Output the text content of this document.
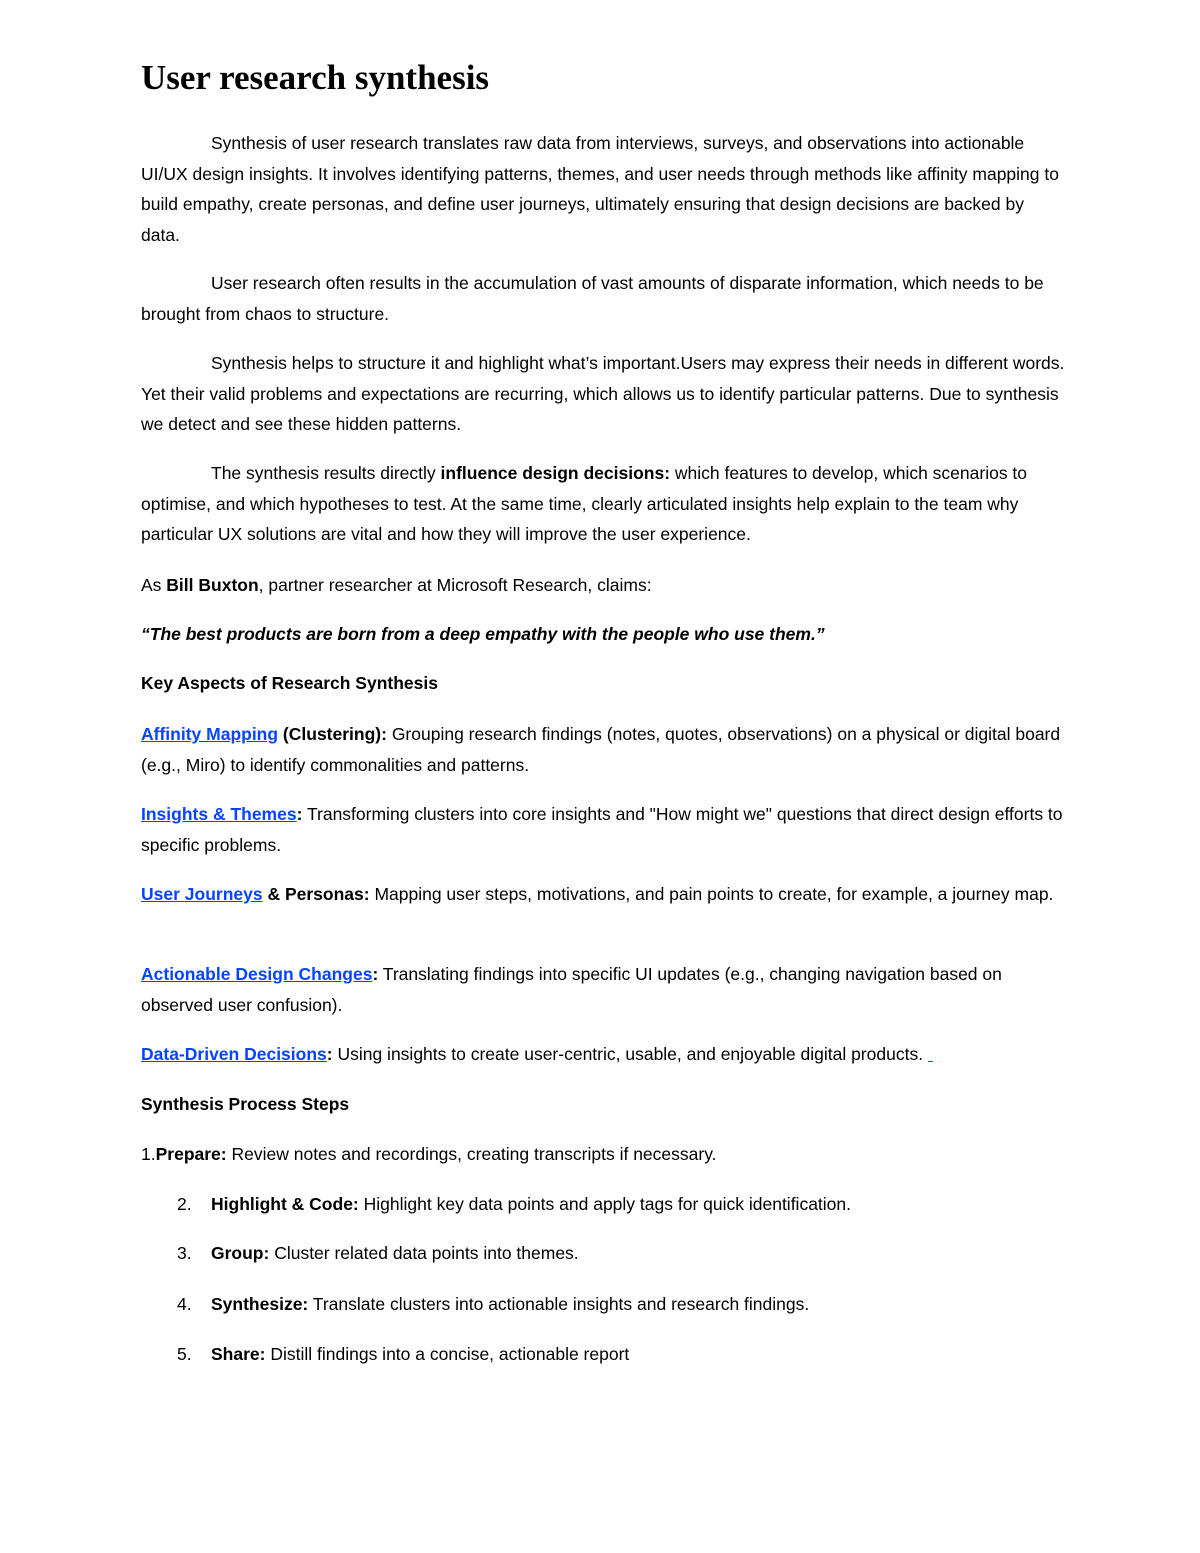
User research synthesis

Synthesis of user research translates raw data from interviews, surveys, and observations into actionable UI/UX design insights. It involves identifying patterns, themes, and user needs through methods like affinity mapping to build empathy, create personas, and define user journeys, ultimately ensuring that design decisions are backed by data.

User research often results in the accumulation of vast amounts of disparate information, which needs to be brought from chaos to structure.

Synthesis helps to structure it and highlight what’s important.Users may express their needs in different words. Yet their valid problems and expectations are recurring, which allows us to identify particular patterns. Due to synthesis we detect and see these hidden patterns.

The synthesis results directly influence design decisions: which features to develop, which scenarios to optimise, and which hypotheses to test. At the same time, clearly articulated insights help explain to the team why particular UX solutions are vital and how they will improve the user experience.

As Bill Buxton, partner researcher at Microsoft Research, claims:

“The best products are born from a deep empathy with the people who use them.”

Key Aspects of Research Synthesis

Affinity Mapping (Clustering): Grouping research findings (notes, quotes, observations) on a physical or digital board (e.g., Miro) to identify commonalities and patterns.

Insights & Themes: Transforming clusters into core insights and "How might we" questions that direct design efforts to specific problems.

User Journeys & Personas: Mapping user steps, motivations, and pain points to create, for example, a journey map.

Actionable Design Changes: Translating findings into specific UI updates (e.g., changing navigation based on observed user confusion).

Data-Driven Decisions: Using insights to create user-centric, usable, and enjoyable digital products.

Synthesis Process Steps

1.Prepare: Review notes and recordings, creating transcripts if necessary.

2. Highlight & Code: Highlight key data points and apply tags for quick identification.

3. Group: Cluster related data points into themes.

4. Synthesize: Translate clusters into actionable insights and research findings.

5. Share: Distill findings into a concise, actionable report
